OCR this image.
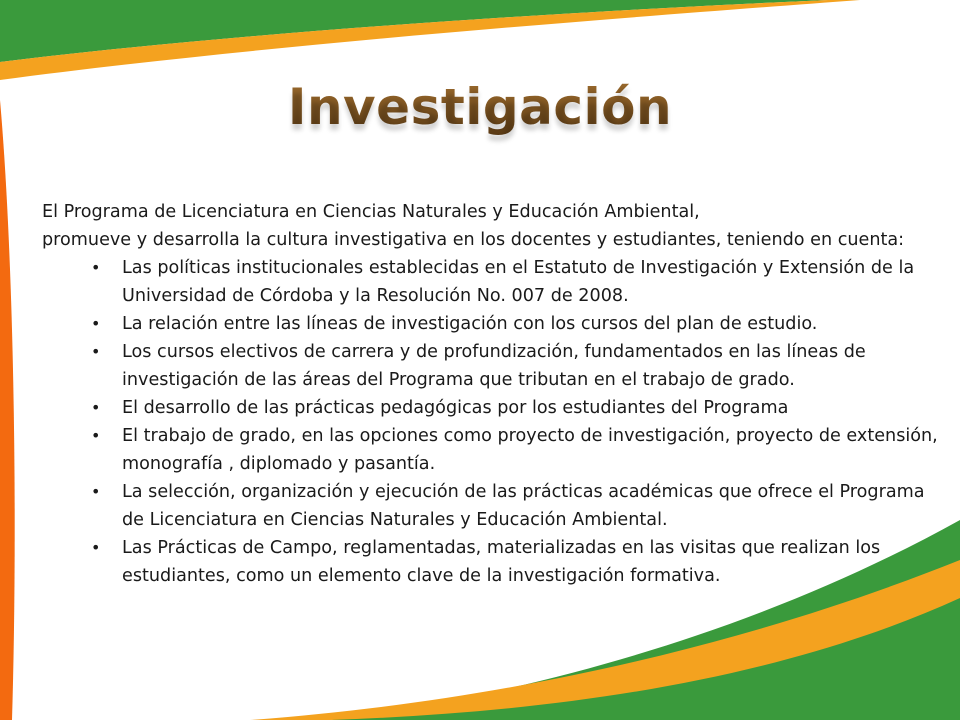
Investigación

El Programa de Licenciatura en Ciencias Naturales y Educación Ambiental,

promueve y desarrolla la cultura investigativa en los docentes y estudiantes, teniendo en cuenta:

• Las políticas institucionales establecidas en el Estatuto de Investigación y Extensión de la Universidad de Córdoba y la Resolución No. 007 de 2008.
• La relación entre las líneas de investigación con los cursos del plan de estudio.
• Los cursos electivos de carrera y de profundización, fundamentados en las líneas de investigación de las áreas del Programa que tributan en el trabajo de grado.
• El desarrollo de las prácticas pedagógicas por los estudiantes del Programa
• El trabajo de grado, en las opciones como proyecto de investigación, proyecto de extensión, monografía , diplomado y pasantía.
• La selección, organización y ejecución de las prácticas académicas que ofrece el Programa de Licenciatura en Ciencias Naturales y Educación Ambiental.
• Las Prácticas de Campo, reglamentadas, materializadas en las visitas que realizan los estudiantes, como un elemento clave de la investigación formativa.
